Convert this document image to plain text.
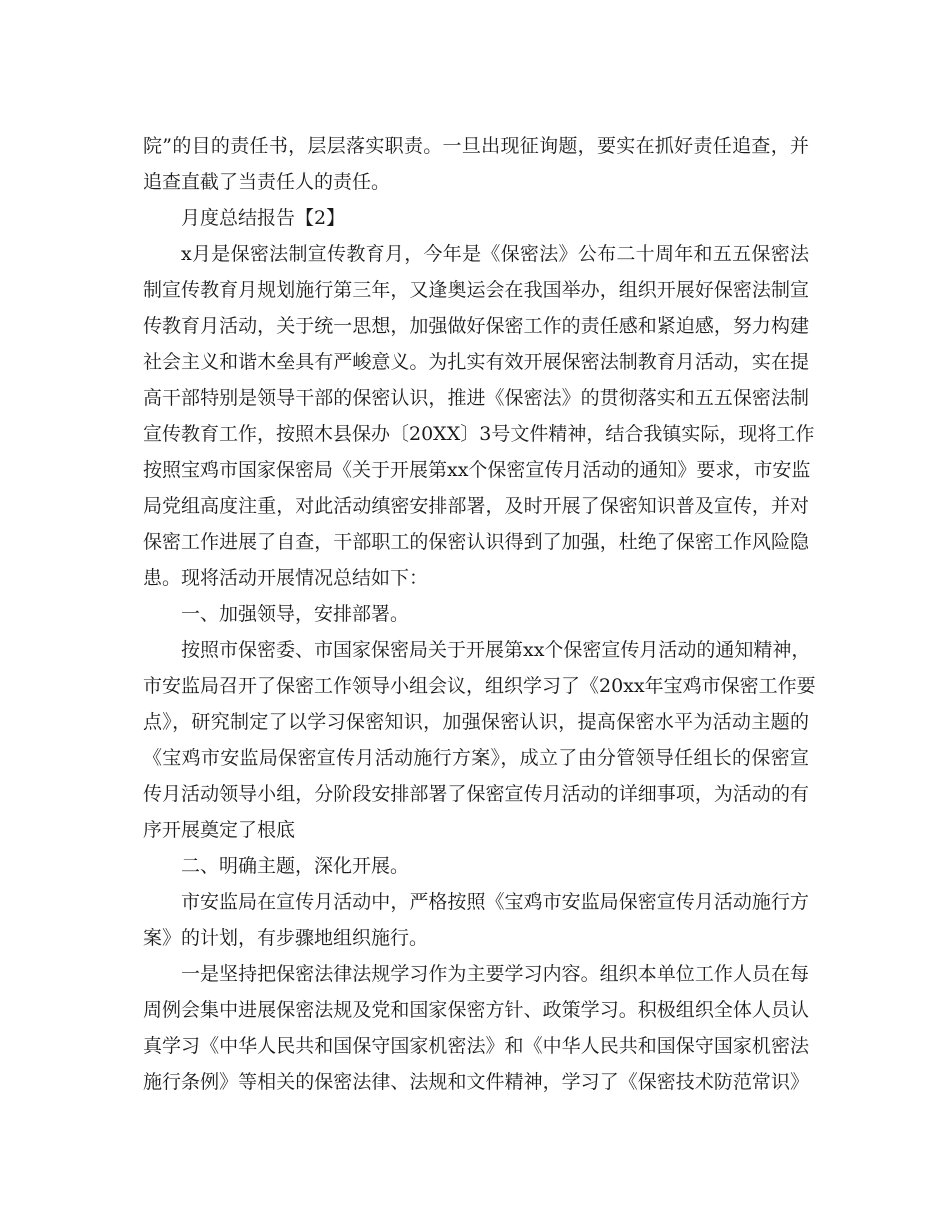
院”的目的责任书，层层落实职责。一旦出现征询题，要实在抓好责任追查，并
追查直截了当责任人的责任。
月度总结报告【2】
x月是保密法制宣传教育月，今年是《保密法》公布二十周年和五五保密法
制宣传教育月规划施行第三年，又逢奥运会在我国举办，组织开展好保密法制宣
传教育月活动，关于统一思想，加强做好保密工作的责任感和紧迫感，努力构建
社会主义和谐木垒具有严峻意义。为扎实有效开展保密法制教育月活动，实在提
高干部特别是领导干部的保密认识，推进《保密法》的贯彻落实和五五保密法制
宣传教育工作，按照木县保办〔20XX〕3号文件精神，结合我镇实际，现将工作
按照宝鸡市国家保密局《关于开展第xx个保密宣传月活动的通知》要求，市安监
局党组高度注重，对此活动缜密安排部署，及时开展了保密知识普及宣传，并对
保密工作进展了自查，干部职工的保密认识得到了加强，杜绝了保密工作风险隐
患。现将活动开展情况总结如下：
一、加强领导，安排部署。
按照市保密委、市国家保密局关于开展第xx个保密宣传月活动的通知精神，
市安监局召开了保密工作领导小组会议，组织学习了《20xx年宝鸡市保密工作要
点》，研究制定了以学习保密知识，加强保密认识，提高保密水平为活动主题的
《宝鸡市安监局保密宣传月活动施行方案》，成立了由分管领导任组长的保密宣
传月活动领导小组，分阶段安排部署了保密宣传月活动的详细事项，为活动的有
序开展奠定了根底
二、明确主题，深化开展。
市安监局在宣传月活动中，严格按照《宝鸡市安监局保密宣传月活动施行方
案》的计划，有步骤地组织施行。
一是坚持把保密法律法规学习作为主要学习内容。组织本单位工作人员在每
周例会集中进展保密法规及党和国家保密方针、政策学习。积极组织全体人员认
真学习《中华人民共和国保守国家机密法》和《中华人民共和国保守国家机密法
施行条例》等相关的保密法律、法规和文件精神，学习了《保密技术防范常识》
